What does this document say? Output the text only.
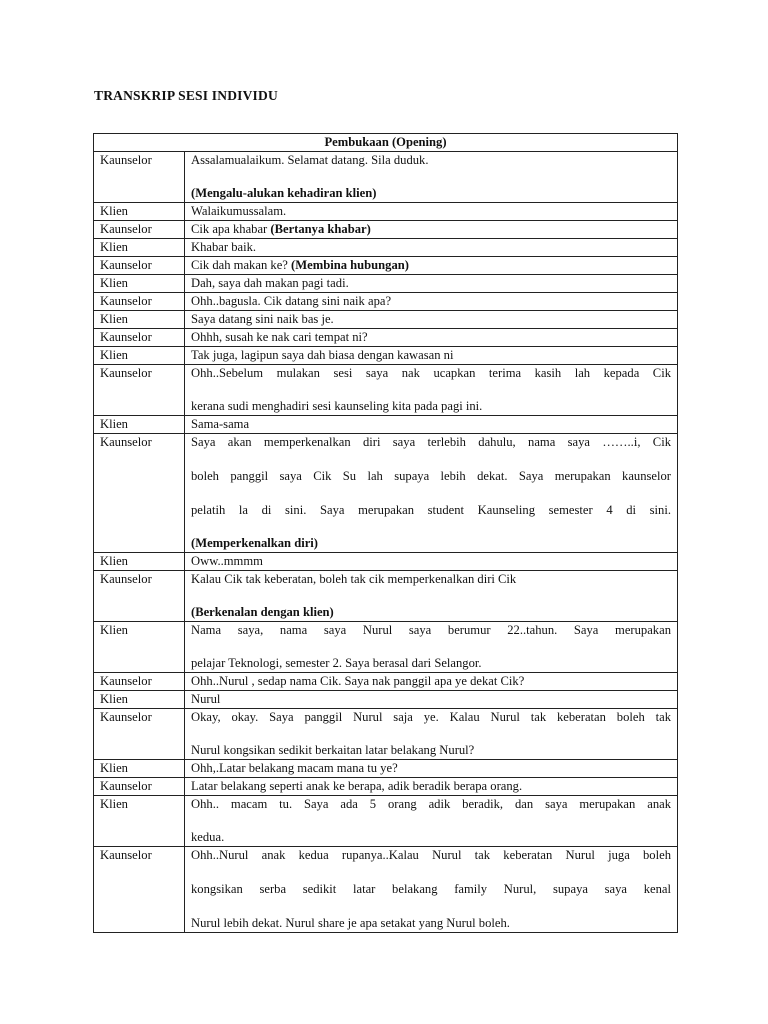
TRANSKRIP SESI INDIVIDU
Pembukaan (Opening)	
Kaunselor	Assalamualaikum. Selamat datang. Sila duduk.
(Mengalu-alukan kehadiran klien)

Klien	Walaikumussalam.
Kaunselor	Cik apa khabar (Bertanya khabar)
Klien	Khabar baik.
Kaunselor	Cik dah makan ke? (Membina hubungan)
Klien	Dah, saya dah makan pagi tadi.
Kaunselor	Ohh..bagusla. Cik datang sini naik apa?
Klien	Saya datang sini naik bas je.
Kaunselor	Ohhh, susah ke nak cari tempat ni?
Klien	Tak juga, lagipun saya dah biasa dengan kawasan ni
Kaunselor	Ohh..Sebelum mulakan sesi saya nak ucapkan terima kasih lah kepada Cik
kerana sudi menghadiri sesi kaunseling kita pada pagi ini.

Klien	Sama-sama
Kaunselor	Saya akan memperkenalkan diri saya terlebih dahulu, nama saya ……..i, Cik
boleh panggil saya Cik Su lah supaya lebih dekat. Saya merupakan kaunselor
pelatih la di sini. Saya merupakan student Kaunseling semester 4 di sini.
(Memperkenalkan diri)

Klien	Oww..mmmm
Kaunselor	Kalau Cik tak keberatan, boleh tak cik memperkenalkan diri Cik
(Berkenalan dengan klien)

Klien	Nama saya, nama saya Nurul saya berumur 22..tahun. Saya merupakan
pelajar Teknologi, semester 2. Saya berasal dari Selangor.

Kaunselor	Ohh..Nurul , sedap nama Cik. Saya nak panggil apa ye dekat Cik?
Klien	Nurul
Kaunselor	Okay, okay. Saya panggil Nurul saja ye. Kalau Nurul tak keberatan boleh tak
Nurul kongsikan sedikit berkaitan latar belakang Nurul?

Klien	Ohh,.Latar belakang macam mana tu ye?
Kaunselor	Latar belakang seperti anak ke berapa, adik beradik berapa orang.
Klien	Ohh.. macam tu. Saya ada 5 orang adik beradik, dan saya merupakan anak
kedua.

Kaunselor	Ohh..Nurul anak kedua rupanya..Kalau Nurul tak keberatan Nurul juga boleh
kongsikan serba sedikit latar belakang family Nurul, supaya saya kenal
Nurul lebih dekat. Nurul share je apa setakat yang Nurul boleh.
